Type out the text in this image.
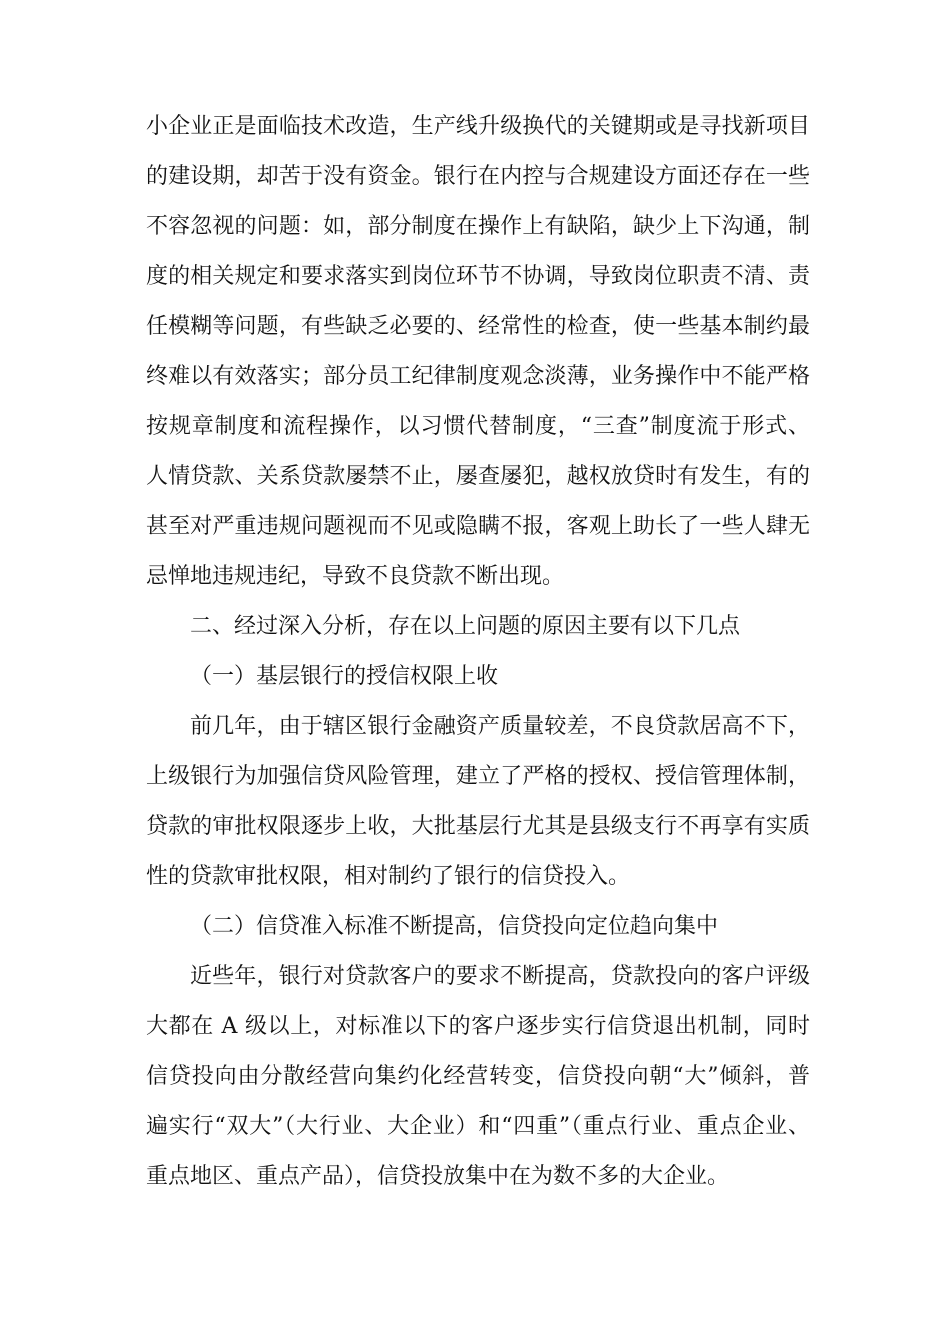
小企业正是面临技术改造，生产线升级换代的关键期或是寻找新项目
的建设期，却苦于没有资金。银行在内控与合规建设方面还存在一些
不容忽视的问题：如，部分制度在操作上有缺陷，缺少上下沟通，制
度的相关规定和要求落实到岗位环节不协调，导致岗位职责不清、责
任模糊等问题，有些缺乏必要的、经常性的检查，使一些基本制约最
终难以有效落实；部分员工纪律制度观念淡薄，业务操作中不能严格
按规章制度和流程操作，以习惯代替制度，“三查”制度流于形式、
人情贷款、关系贷款屡禁不止，屡查屡犯，越权放贷时有发生，有的
甚至对严重违规问题视而不见或隐瞒不报，客观上助长了一些人肆无
忌惮地违规违纪，导致不良贷款不断出现。
二、经过深入分析，存在以上问题的原因主要有以下几点
（一）基层银行的授信权限上收
前几年，由于辖区银行金融资产质量较差，不良贷款居高不下，
上级银行为加强信贷风险管理，建立了严格的授权、授信管理体制，
贷款的审批权限逐步上收，大批基层行尤其是县级支行不再享有实质
性的贷款审批权限，相对制约了银行的信贷投入。
（二）信贷准入标准不断提高，信贷投向定位趋向集中
近些年，银行对贷款客户的要求不断提高，贷款投向的客户评级
大都在 A 级以上，对标准以下的客户逐步实行信贷退出机制，同时
信贷投向由分散经营向集约化经营转变，信贷投向朝“大”倾斜，普
遍实行“双大”（大行业、大企业）和“四重”（重点行业、重点企业、
重点地区、重点产品），信贷投放集中在为数不多的大企业。
